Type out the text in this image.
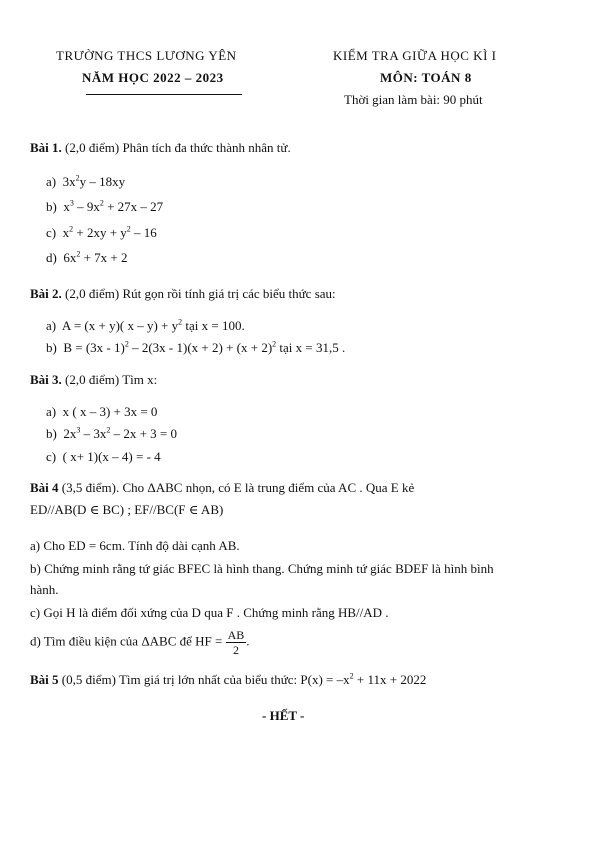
TRƯỜNG THCS LƯƠNG YÊN
NĂM HỌC 2022 – 2023
KIỂM TRA GIỮA HỌC KÌ I
MÔN: TOÁN 8
Thời gian làm bài: 90 phút
Bài 1. (2,0 điểm) Phân tích đa thức thành nhân tử.
a) $3x^2y - 18xy$
b) $x^3 - 9x^2 + 27x - 27$
c) $x^2 + 2xy + y^2 - 16$
d) $6x^2 + 7x + 2$
Bài 2. (2,0 điểm) Rút gọn rồi tính giá trị các biểu thức sau:
a) A = (x + y)( $x - y) + y^2$ tại x = 100.
b) $B = (3x - 1)^2 - 2(3x - 1)(x + 2) + (x + 2)^2$ tại x = 31,5 .
Bài 3. (2,0 điểm) Tìm x:
a) x ( x – 3) + 3x = 0
b) $2x^3 - 3x^2 - 2x + 3 = 0$
c) ( x+ 1)(x – 4) = - 4
Bài 4 (3,5 điểm). Cho ΔABC nhọn, có E là trung điểm của AC . Qua E kẻ
ED//AB(D ∈ BC) ; EF//BC(F ∈ AB)
a) Cho ED = 6cm. Tính độ dài cạnh AB.
b) Chứng minh rằng tứ giác BFEC là hình thang. Chứng minh tứ giác BDEF là hình bình
hành.
c) Gọi H là điểm đối xứng của D qua F . Chứng minh rằng HB//AD .
d) Tìm điều kiện của ΔABC để HF = $\frac{AB}{2}$ .
Bài 5 (0,5 điểm) Tìm giá trị lớn nhất của biểu thức: $P(x) = -x^2 + 11x + 2022$
- HẾT -
